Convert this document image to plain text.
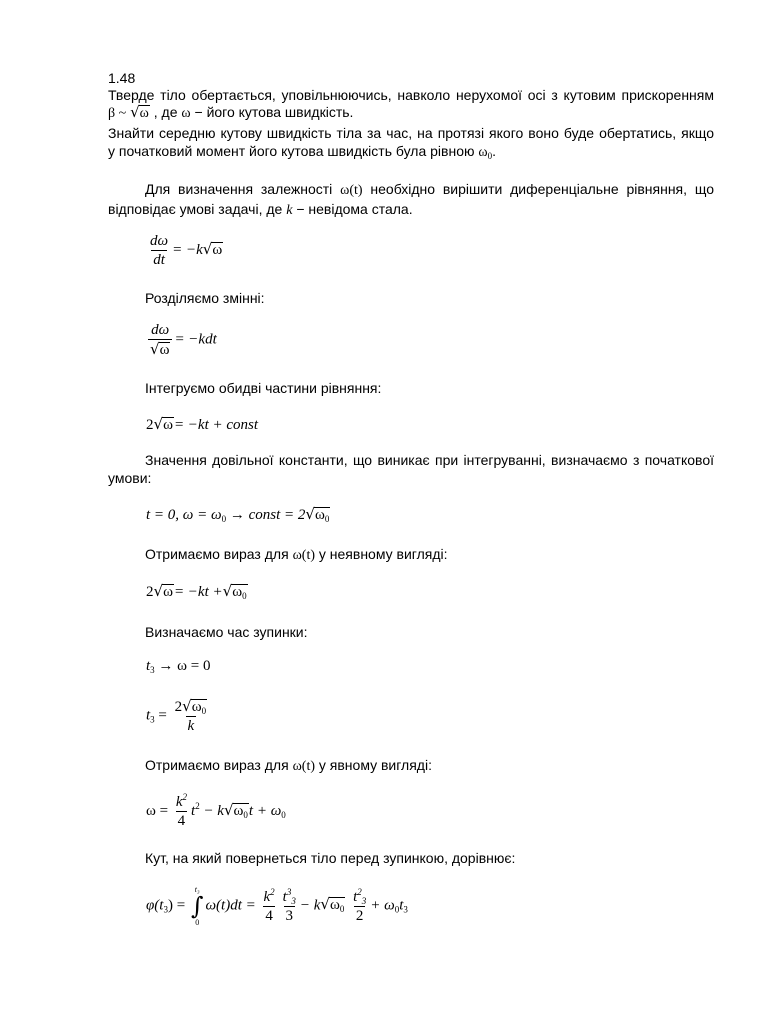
1.48
Тверде тіло обертається, уповільнюючись, навколо нерухомої осі з кутовим прискоренням
β ~ √ω , де ω − його кутова швидкість.
Знайти середню кутову швидкість тіла за час, на протязі якого воно буде обертатись, якщо
у початковий момент його кутова швидкість була рівною $\omega_0$.
Для визначення залежності ω(t) необхідно вирішити диференціальне рівняння, що
відповідає умові задачі, де k − невідома стала.
$\frac{d\omega}{dt} = -k√\omega$
Розділяємо змінні:
$\frac{d\omega}{√\omega} = -kdt$
Інтегруємо обидві частини рівняння:
2√ω= −kt + const
Значення довільної константи, що виникає при інтегруванні, визначаємо з початкової
умови:
t = 0, $\omega = \omega_0$ → const = $2√\omega_0$
Отримаємо вираз для ω(t) у неявному вигляді:
$2√\omega= -kt +√\omega_0$
Визначаємо час зупинки:
$t_3 \to \omega = 0$
$t_3 = \frac{2√\omega_0}{k}$
Отримаємо вираз для ω(t) у явному вигляді:
$\omega = \frac{k^2}{4} t^2 - k√\omega_0t + \omega_0$
Кут, на який повернеться тіло перед зупинкою, дорівнює:
$\varphi(t_3)$ =
t₃
∫
0
$\omega(t)dt = \frac{k^2}{4} \frac{t^3_3}{3} - k√\omega_0 \frac{t^2_3}{2} + \omega_0t_3$
